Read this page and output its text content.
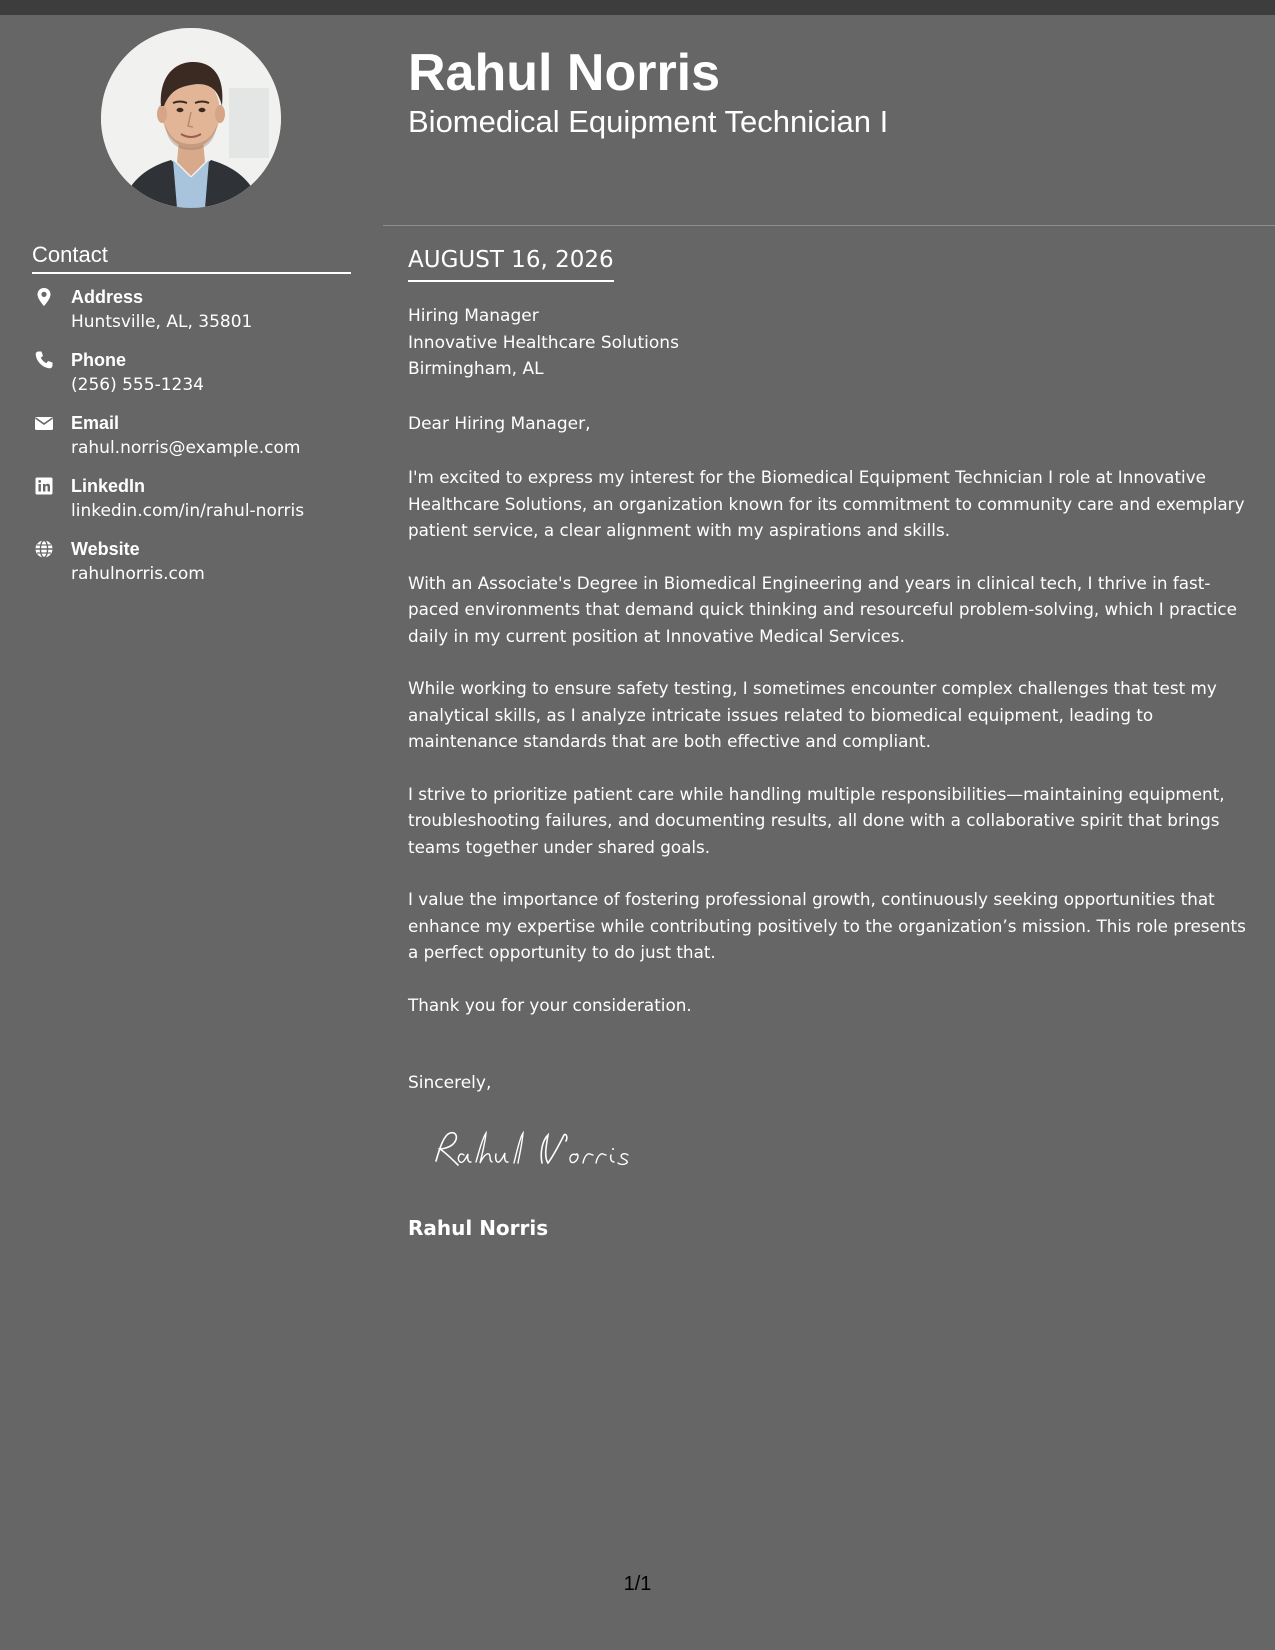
Rahul Norris
Biomedical Equipment Technician I
Contact
Address
Huntsville, AL, 35801
Phone
(256) 555-1234
Email
rahul.norris@example.com
LinkedIn
linkedin.com/in/rahul-norris
Website
rahulnorris.com
AUGUST 16, 2026
Hiring Manager
Innovative Healthcare Solutions
Birmingham, AL
Dear Hiring Manager,

I'm excited to express my interest for the Biomedical Equipment Technician I role at Innovative Healthcare Solutions, an organization known for its commitment to community care and exemplary patient service, a clear alignment with my aspirations and skills.

With an Associate's Degree in Biomedical Engineering and years in clinical tech, I thrive in fast-paced environments that demand quick thinking and resourceful problem-solving, which I practice daily in my current position at Innovative Medical Services.

While working to ensure safety testing, I sometimes encounter complex challenges that test my analytical skills, as I analyze intricate issues related to biomedical equipment, leading to maintenance standards that are both effective and compliant.

I strive to prioritize patient care while handling multiple responsibilities—maintaining equipment, troubleshooting failures, and documenting results, all done with a collaborative spirit that brings teams together under shared goals.

I value the importance of fostering professional growth, continuously seeking opportunities that enhance my expertise while contributing positively to the organization’s mission. This role presents a perfect opportunity to do just that.

Thank you for your consideration.

Sincerely,
Rahul Norris
1/1
